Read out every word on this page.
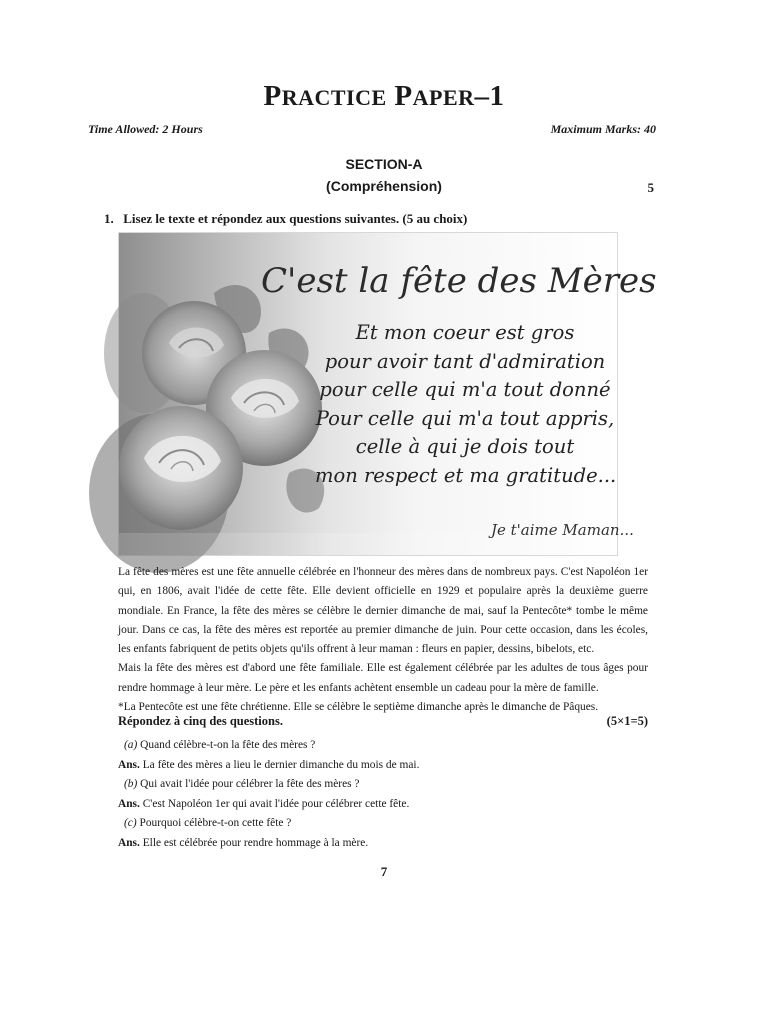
PRACTICE PAPER–1
Time Allowed: 2 Hours	Maximum Marks: 40
SECTION-A
(Compréhension)	5
1. Lisez le texte et répondez aux questions suivantes. (5 au choix)
C'est la fête des Mères
Et mon coeur est gros
pour avoir tant d'admiration
pour celle qui m'a tout donné
Pour celle qui m'a tout appris,
celle à qui je dois tout
mon respect et ma gratitude...
Je t'aime Maman...

La fête des mères est une fête annuelle célébrée en l'honneur des mères dans de nombreux pays. C'est Napoléon 1er qui, en 1806, avait l'idée de cette fête. Elle devient officielle en 1929 et populaire après la deuxième guerre mondiale. En France, la fête des mères se célèbre le dernier dimanche de mai, sauf la Pentecôte* tombe le même jour. Dans ce cas, la fête des mères est reportée au premier dimanche de juin. Pour cette occasion, dans les écoles, les enfants fabriquent de petits objets qu'ils offrent à leur maman : fleurs en papier, dessins, bibelots, etc.

Mais la fête des mères est d'abord une fête familiale. Elle est également célébrée par les adultes de tous âges pour rendre hommage à leur mère. Le père et les enfants achètent ensemble un cadeau pour la mère de famille.

*La Pentecôte est une fête chrétienne. Elle se célèbre le septième dimanche après le dimanche de Pâques.

Répondez à cinq des questions.	(5×1=5)
(a) Quand célèbre-t-on la fête des mères ?
Ans. La fête des mères a lieu le dernier dimanche du mois de mai.
(b) Qui avait l'idée pour célébrer la fête des mères ?
Ans. C'est Napoléon 1er qui avait l'idée pour célébrer cette fête.
(c) Pourquoi célèbre-t-on cette fête ?
Ans. Elle est célébrée pour rendre hommage à la mère.
7
